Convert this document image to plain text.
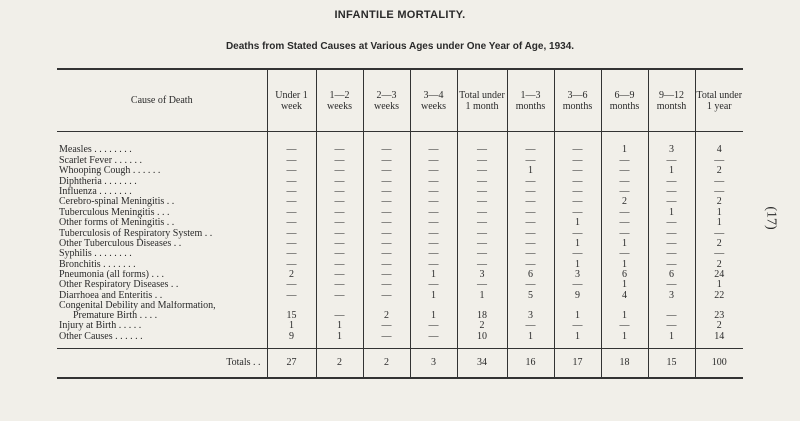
INFANTILE MORTALITY.
Deaths from Stated Causes at Various Ages under One Year of Age, 1934.
(17)
Cause of Death	Under 1 week	1—2 weeks	2—3 weeks	3—4 weeks	Total under 1 month	1—3 months	3—6 months	6—9 months	9—12 montsh	Total under 1 year

Measles . . . . . . . .	—	—	—	—	—	—	—	1	3	4
Scarlet Fever . . . . . .	—	—	—	—	—	—	—	—	—	—
Whooping Cough . . . . . .	—	—	—	—	—	1	—	—	1	2
Diphtheria . . . . . . .	—	—	—	—	—	—	—	—	—	—
Influenza . . . . . . .	—	—	—	—	—	—	—	—	—	—
Cerebro-spinal Meningitis . .	—	—	—	—	—	—	—	2	—	2
Tuberculous Meningitis . . .	—	—	—	—	—	—	—	—	1	1
Other forms of Meningitis . .	—	—	—	—	—	—	1	—	—	1
Tuberculosis of Respiratory System . .	—	—	—	—	—	—	—	—	—	—
Other Tuberculous Diseases . .	—	—	—	—	—	—	1	1	—	2
Syphilis . . . . . . . .	—	—	—	—	—	—	—	—	—	—
Bronchitis . . . . . . .	—	—	—	—	—	—	1	1	—	2
Pneumonia (all forms) . . .	2	—	—	1	3	6	3	6	6	24
Other Respiratory Diseases . .	—	—	—	—	—	—	—	1	—	1
Diarrhoea and Enteritis . .	—	—	—	1	1	5	9	4	3	22

Congenital Debility and Malformation,
Premature Birth . . . .	15	—	2	1	18	3	1	1	—	23
Injury at Birth . . . . .	1	1	—	—	2	—	—	—	—	2
Other Causes . . . . . .	9	1	—	—	10	1	1	1	1	14

Totals . .	27	2	2	3	34	16	17	18	15	100
